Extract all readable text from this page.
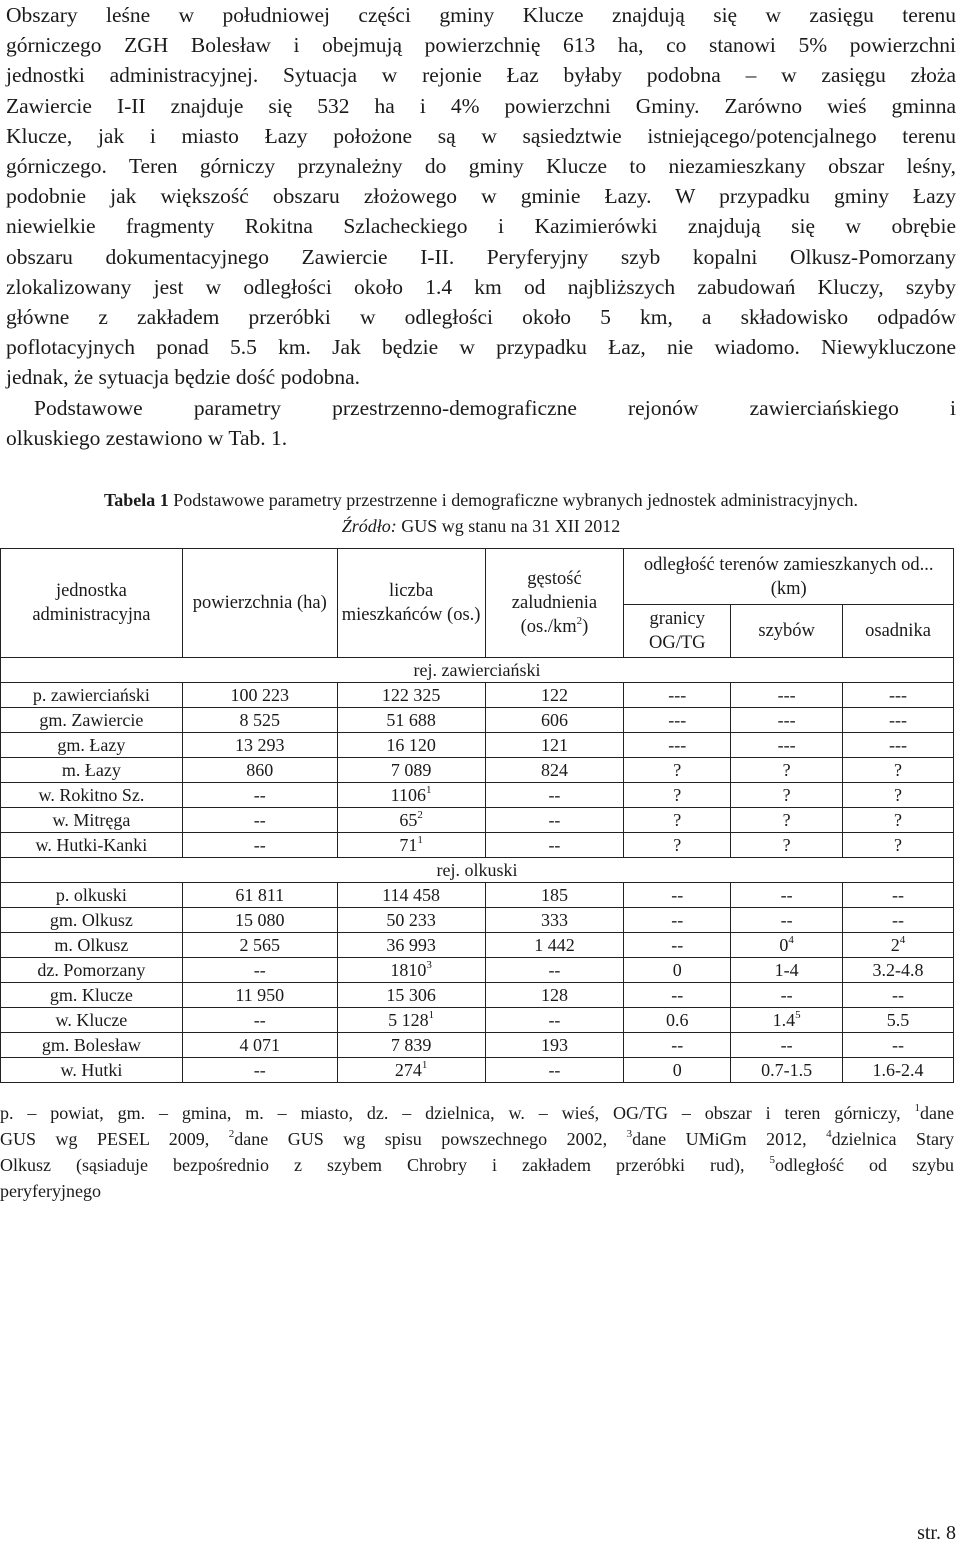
Obszary leśne w południowej części gminy Klucze znajdują się w zasięgu terenu
górniczego ZGH Bolesław i obejmują powierzchnię 613 ha, co stanowi 5% powierzchni
jednostki administracyjnej. Sytuacja w rejonie Łaz byłaby podobna – w zasięgu złoża
Zawiercie I-II znajduje się 532 ha i 4% powierzchni Gminy. Zarówno wieś gminna
Klucze, jak i miasto Łazy położone są w sąsiedztwie istniejącego/potencjalnego terenu
górniczego. Teren górniczy przynależny do gminy Klucze to niezamieszkany obszar leśny,
podobnie jak większość obszaru złożowego w gminie Łazy. W przypadku gminy Łazy
niewielkie fragmenty Rokitna Szlacheckiego i Kazimierówki znajdują się w obrębie
obszaru dokumentacyjnego Zawiercie I-II. Peryferyjny szyb kopalni Olkusz-Pomorzany
zlokalizowany jest w odległości około 1.4 km od najbliższych zabudowań Kluczy, szyby
główne z zakładem przeróbki w odległości około 5 km, a składowisko odpadów
poflotacyjnych ponad 5.5 km. Jak będzie w przypadku Łaz, nie wiadomo. Niewykluczone
jednak, że sytuacja będzie dość podobna.
Podstawowe parametry przestrzenno-demograficzne rejonów zawierciańskiego i
olkuskiego zestawiono w Tab. 1.
Tabela 1 Podstawowe parametry przestrzenne i demograficzne wybranych jednostek administracyjnych.
Źródło: GUS wg stanu na 31 XII 2012
jednostka administracyjna	powierzchnia (ha)	liczba mieszkańców (os.)	gęstość zaludnienia $(os./km^2)$	odległość terenów zamieszkanych od... (km)		
				granicy OG/TG	szybów	osadnika
rej. zawierciański						
p. zawierciański	100 223	122 325	122	---	---	---
gm. Zawiercie	8 525	51 688	606	---	---	---
gm. Łazy	13 293	16 120	121	---	---	---
m. Łazy	860	7 089	824	?	?	?
w. Rokitno Sz.	--	1106$^1$	--	?	?	?
w. Mitręga	--	$65^2$	--	?	?	?
w. Hutki-Kanki	--	$71^1$	--	?	?	?
rej. olkuski						
p. olkuski	61 811	114 458	185	--	--	--
gm. Olkusz	15 080	50 233	333	--	--	--
m. Olkusz	2 565	36 993	1 442	--	$0^4$	$2^4$
dz. Pomorzany	--	1810$^3$	--	0	1-4	3.2-4.8
gm. Klucze	11 950	15 306	128	--	--	--
w. Klucze	--	5 $128^1$	--	0.6	$1.4^5$	5.5
gm. Bolesław	4 071	7 839	193	--	--	--
w. Hutki	--	$274^1$	--	0	0.7-1.5	1.6-2.4
p. – powiat, gm. – gmina, m. – miasto, dz. – dzielnica, w. – wieś, OG/TG – obszar i teren górniczy, $^1$dane
GUS wg PESEL 2009, $^2$dane GUS wg spisu powszechnego 2002, $^3$dane UMiGm 2012, $^4$dzielnica Stary
Olkusz (sąsiaduje bezpośrednio z szybem Chrobry i zakładem przeróbki rud), $^5$odległość od szybu
peryferyjnego
str. 8
